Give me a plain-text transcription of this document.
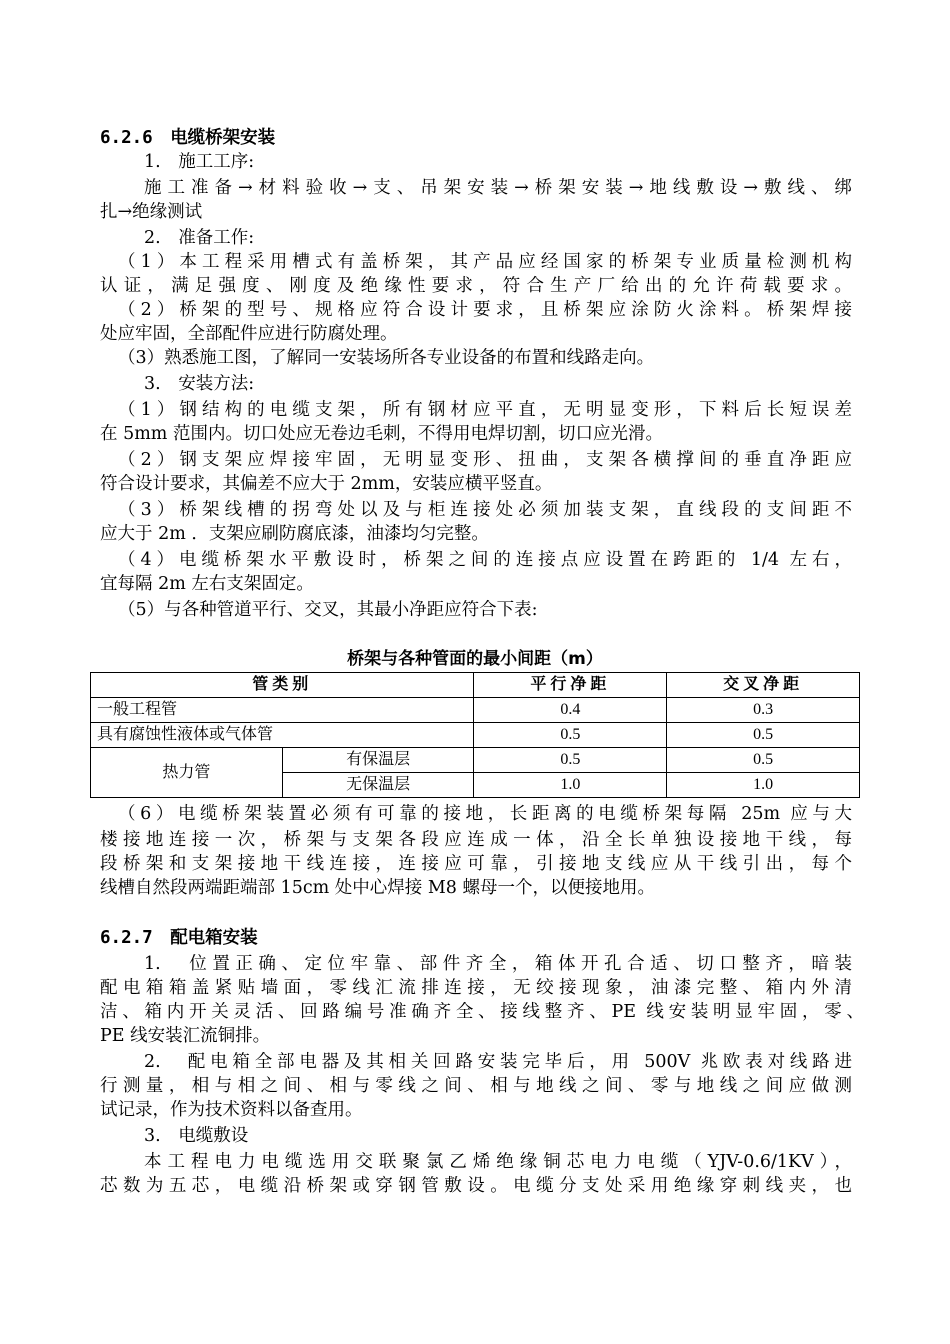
6.2.6　 电缆桥架安装
1.　施工工序:
施工准备→材料验收→支、吊架安装→桥架安装→地线敷设→敷线、绑
扎→绝缘测试
2.　准备工作:
（1）本工程采用槽式有盖桥架，其产品应经国家的桥架专业质量检测机构
认证，满足强度、刚度及绝缘性要求，符合生产厂给出的允许荷载要求。
（2）桥架的型号、规格应符合设计要求，且桥架应涂防火涂料。桥架焊接
处应牢固，全部配件应进行防腐处理。
（3）熟悉施工图，了解同一安装场所各专业设备的布置和线路走向。
3.　安装方法:
（1）钢结构的电缆支架，所有钢材应平直，无明显变形，下料后长短误差
在 5mm 范围内。切口处应无卷边毛刺，不得用电焊切割，切口应光滑。
（2）钢支架应焊接牢固，无明显变形、扭曲，支架各横撑间的垂直净距应
符合设计要求，其偏差不应大于 2mm，安装应横平竖直。
（3）桥架线槽的拐弯处以及与柜连接处必须加装支架，直线段的支间距不
应大于 2m ．支架应刷防腐底漆，油漆均匀完整。
（4）电缆桥架水平敷设时，桥架之间的连接点应设置在跨距的 1/4 左右，
宜每隔 2m 左右支架固定。
（5）与各种管道平行、交叉，其最小净距应符合下表:
桥架与各种管面的最小间距（m）
管类别		平行净距	交叉净距
一般工程管		0.4	0.3
具有腐蚀性液体或气体管		0.5	0.5
热力管	有保温层	0.5	0.5
	无保温层	1.0	1.0
（6）电缆桥架装置必须有可靠的接地，长距离的电缆桥架每隔 25m 应与大
楼接地连接一次，桥架与支架各段应连成一体，沿全长单独设接地干线，每
段桥架和支架接地干线连接，连接应可靠，引接地支线应从干线引出，每个
线槽自然段两端距端部 15cm 处中心焊接 M8 螺母一个，以便接地用。
6.2.7　 配电箱安装
1.　位置正确、定位牢靠、部件齐全，箱体开孔合适、切口整齐，暗装
配电箱箱盖紧贴墙面，零线汇流排连接，无绞接现象，油漆完整、箱内外清
洁、箱内开关灵活、回路编号准确齐全、接线整齐、PE 线安装明显牢固，零、
PE 线安装汇流铜排。
2.　配电箱全部电器及其相关回路安装完毕后，用 500V 兆欧表对线路进
行测量，相与相之间、相与零线之间、相与地线之间、零与地线之间应做测
试记录，作为技术资料以备查用。
3.　电缆敷设
本工程电力电缆选用交联聚氯乙烯绝缘铜芯电力电缆（YJV-0.6/1KV），
芯数为五芯，电缆沿桥架或穿钢管敷设。电缆分支处采用绝缘穿刺线夹，也
